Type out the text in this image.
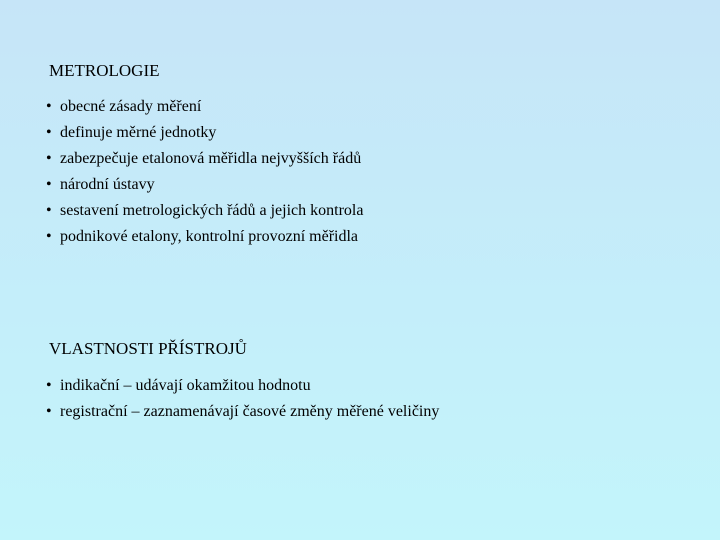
METROLOGIE
• obecné zásady měření
• definuje měrné jednotky
• zabezpečuje etalonová měřidla nejvyšších řádů
• národní ústavy
• sestavení metrologických řádů a jejich kontrola
• podnikové etalony, kontrolní provozní měřidla
VLASTNOSTI PŘÍSTROJŮ
• indikační – udávají okamžitou hodnotu
• registrační – zaznamenávají časové změny měřené veličiny
